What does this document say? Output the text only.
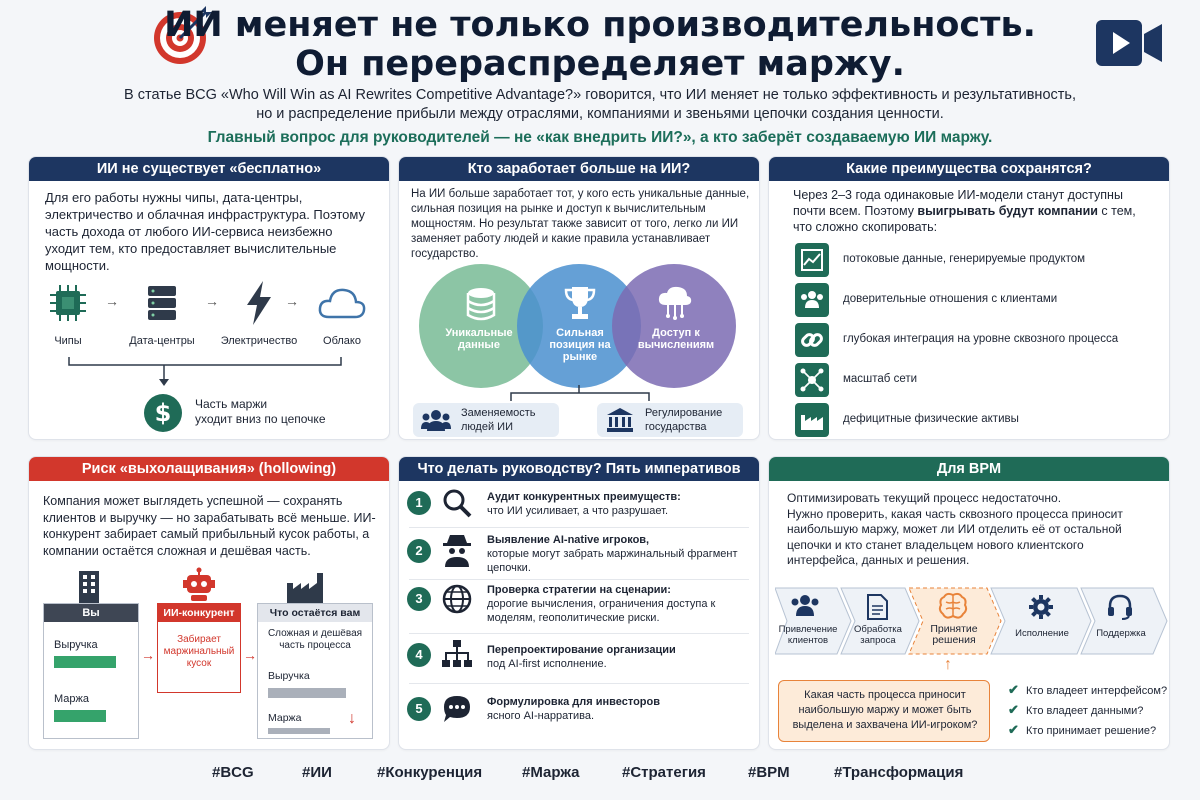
ИИ меняет не только производительность.
Он перераспределяет маржу.
В статье BCG «Who Will Win as AI Rewrites Competitive Advantage?» говорится, что ИИ меняет не только эффективность и результативность,
но и распределение прибыли между отраслями, компаниями и звеньями цепочки создания ценности.
Главный вопрос для руководителей — не «как внедрить ИИ?», а кто заберёт создаваемую ИИ маржу.
ИИ не существует «бесплатно»
Для его работы нужны чипы, дата-центры, электричество и облачная инфраструктура. Поэтому часть дохода от любого ИИ-сервиса неизбежно уходит тем, кто предоставляет вычислительные мощности.
→	→	→
Чипы	Дата-центры	Электричество	Облако
$ Часть маржи
уходит вниз по цепочке
Кто заработает больше на ИИ?
На ИИ больше заработает тот, у кого есть уникальные данные, сильная позиция на рынке и доступ к вычислительным мощностям. Но результат также зависит от того, легко ли ИИ заменяет работу людей и какие правила устанавливает государство.
Уникальные данные
Сильная позиция на рынке
Доступ к вычислениям
Заменяемость людей ИИ
Регулирование государства
Какие преимущества сохранятся?
Через 2–3 года одинаковые ИИ-модели станут доступны почти всем. Поэтому выигрывать будут компании с тем, что сложно скопировать:
потоковые данные, генерируемые продуктом
доверительные отношения с клиентами
глубокая интеграция на уровне сквозного процесса
масштаб сети
дефицитные физические активы
Риск «выхолащивания» (hollowing)
Компания может выглядеть успешной — сохранять клиентов и выручку — но зарабатывать всё меньше. ИИ-конкурент забирает самый прибыльный кусок работы, а компании остаётся сложная и дешёвая часть.
Вы
Выручка
Маржа
→
ИИ-конкурент
Забирает маржинальный кусок
→
Что остаётся вам
Сложная и дешёвая часть процесса
Выручка
Маржа	↓
Что делать руководству? Пять императивов
1	Аудит конкурентных преимуществ:
что ИИ усиливает, а что разрушает.
2
Выявление AI-native игроков,
которые могут забрать маржинальный фрагмент цепочки.
3
Проверка стратегии на сценарии:
дорогие вычисления, ограничения доступа к моделям, геополитические риски.
4	Перепроектирование организации
под AI-first исполнение.
5	Формулировка для инвесторов
ясного AI-нарратива.
Для BPM
Оптимизировать текущий процесс недостаточно.
Нужно проверить, какая часть сквозного процесса приносит наибольшую маржу, может ли ИИ отделить её от остальной цепочки и кто станет владельцем нового клиентского интерфейса, данных и решения.
Привлечение клиентов
Обработка запроса
Принятие решения
Исполнение	Поддержка
↑
Какая часть процесса приносит наибольшую маржу и может быть выделена и захвачена ИИ-игроком?
✔ Кто владеет интерфейсом?
✔ Кто владеет данными?
✔ Кто принимает решение?
#BCG	#ИИ	#Конкуренция	#Маржа	#Стратегия	#BPM	#Трансформация
